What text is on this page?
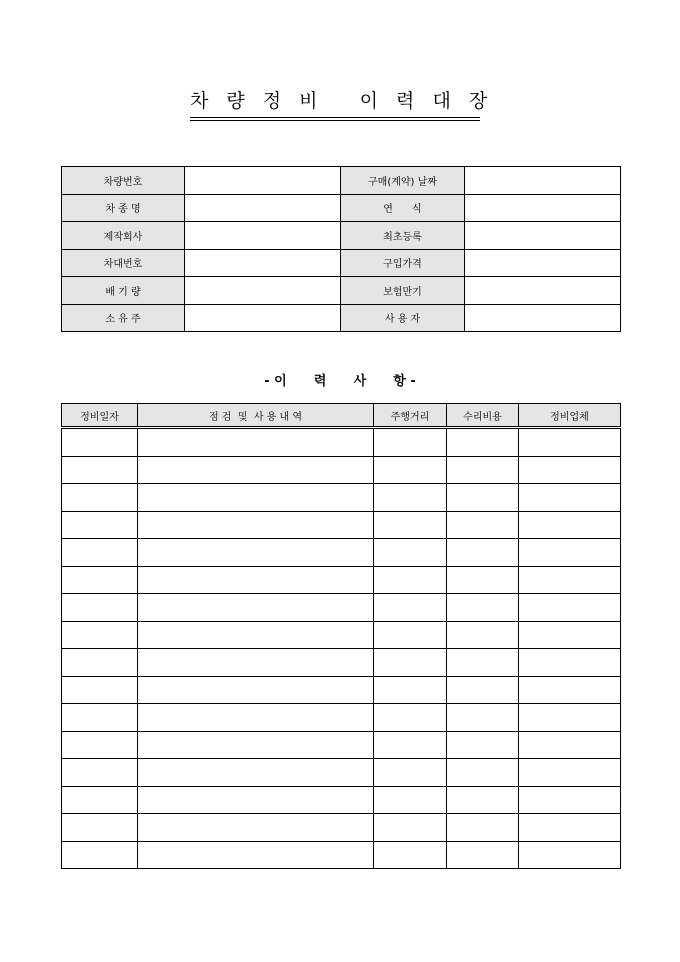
차 량 정 비   이 력 대 장
차량번호		구매(계약) 날짜	
차 종 명		연      식	
제작회사		최초등록	
차대번호		구입가격	
배 기 량		보험만기	
소 유 주		사 용 자	
- 이      력      사      항 -
정비일자	점 검  및  사 용 내 역	주행거리	수리비용	정비업체
